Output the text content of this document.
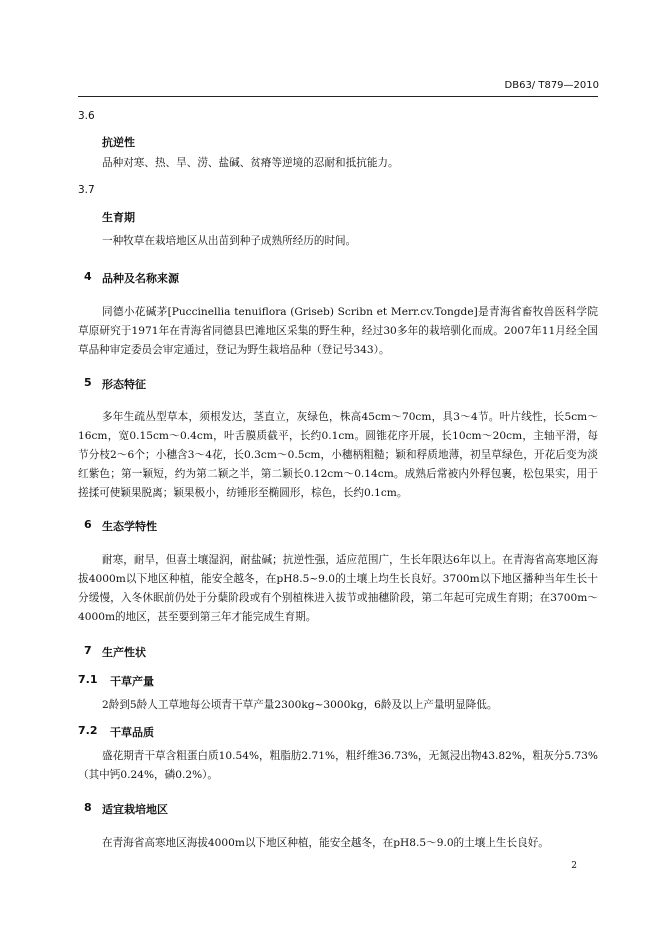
DB63/ T879—2010
3.6
抗逆性
品种对寒、热、旱、涝、盐碱、贫瘠等逆境的忍耐和抵抗能力。
3.7
生育期
一种牧草在栽培地区从出苗到种子成熟所经历的时间。
4 品种及名称来源
同德小花碱茅[Puccinellia tenuiflora (Griseb) Scribn et Merr.cv.Tongde]是青海省畜牧兽医科学院草原研究于1971年在青海省同德县巴滩地区采集的野生种，经过30多年的栽培驯化而成。2007年11月经全国草品种审定委员会审定通过，登记为野生栽培品种（登记号343）。
5 形态特征
多年生疏丛型草本，须根发达，茎直立，灰绿色，株高45cm～70cm，具3～4节。叶片线性，长5cm～16cm，宽0.15cm～0.4cm，叶舌膜质截平，长约0.1cm。圆锥花序开展，长10cm～20cm，主轴平滑，每节分枝2～6个；小穗含3～4花，长0.3cm～0.5cm，小穗柄粗糙；颖和稃质地薄，初呈草绿色，开花后变为淡红紫色；第一颖短，约为第二颖之半，第二颖长0.12cm～0.14cm。成熟后常被内外稃包裹，松包果实，用于搓揉可使颖果脱离；颖果极小，纺锤形至椭圆形，棕色，长约0.1cm。
6 生态学特性
耐寒，耐旱，但喜土壤湿润，耐盐碱；抗逆性强，适应范围广，生长年限达6年以上。在青海省高寒地区海拔4000m以下地区种植，能安全越冬，在pH8.5~9.0的土壤上均生长良好。3700m以下地区播种当年生长十分缓慢，入冬休眠前仍处于分蘖阶段或有个别植株进入拔节或抽穗阶段，第二年起可完成生育期；在3700m～4000m的地区，甚至要到第三年才能完成生育期。
7 生产性状
7.1 干草产量
2龄到5龄人工草地每公顷青干草产量2300kg~3000kg，6龄及以上产量明显降低。
7.2 干草品质
盛花期青干草含粗蛋白质10.54%，粗脂肪2.71%，粗纤维36.73%，无氮浸出物43.82%，粗灰分5.73%（其中钙0.24%，磷0.2%）。
8 适宜栽培地区
在青海省高寒地区海拔4000m以下地区种植，能安全越冬，在pH8.5～9.0的土壤上生长良好。
2
